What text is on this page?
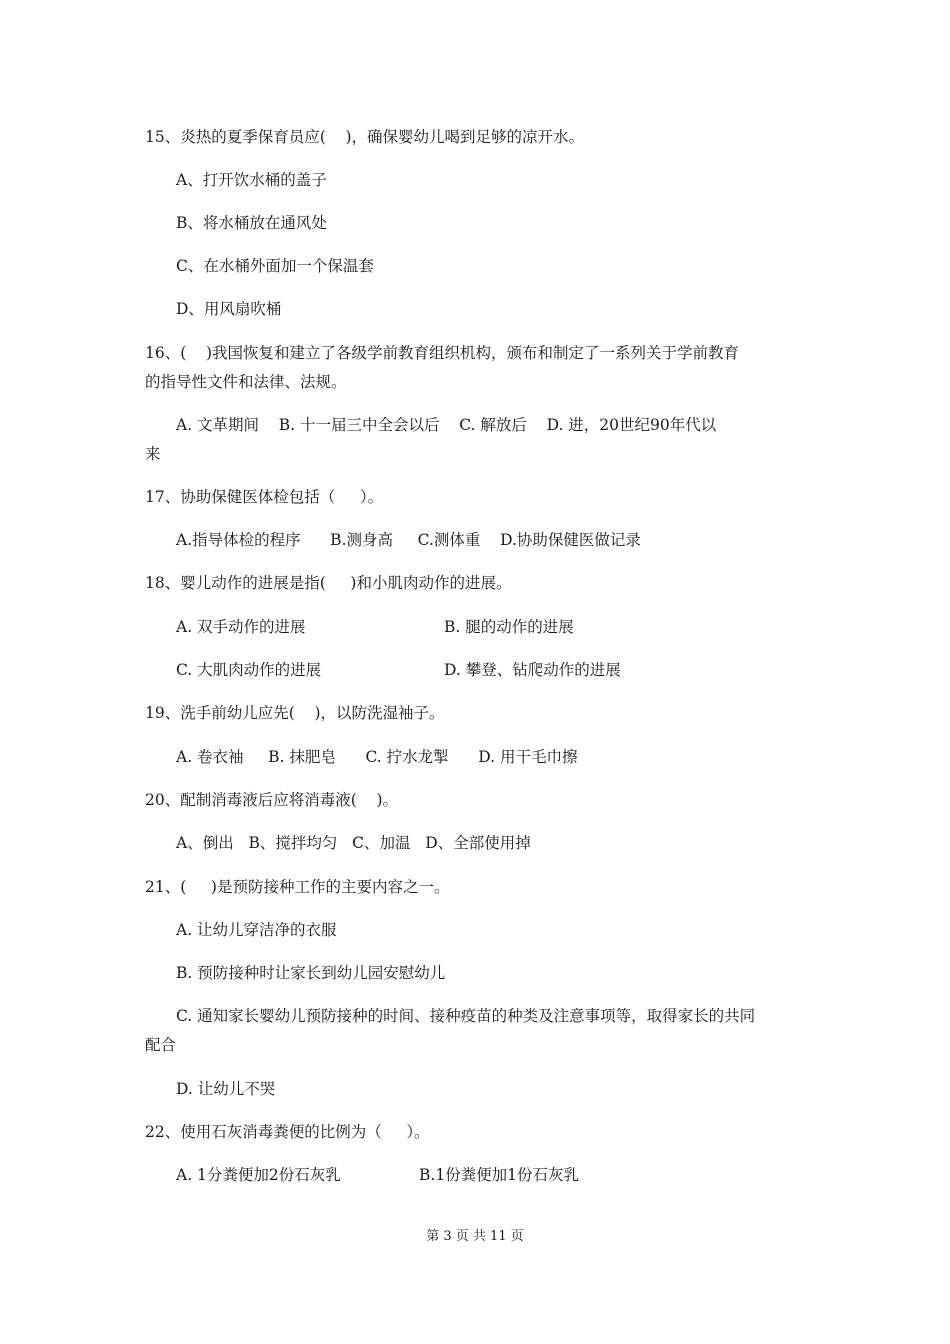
15、炎热的夏季保育员应(    )，确保婴幼儿喝到足够的凉开水。

A、打开饮水桶的盖子

B、将水桶放在通风处

C、在水桶外面加一个保温套

D、用风扇吹桶

16、(    )我国恢复和建立了各级学前教育组织机构，颁布和制定了一系列关于学前教育

的指导性文件和法律、法规。

A. 文革期间    B. 十一届三中全会以后    C. 解放后    D. 进，20世纪90年代以

来

17、协助保健医体检包括（     ）。

A.指导体检的程序      B.测身高     C.测体重    D.协助保健医做记录

18、婴儿动作的进展是指(     )和小肌肉动作的进展。

A. 双手动作的进展	B. 腿的动作的进展

C. 大肌肉动作的进展	D. 攀登、钻爬动作的进展

19、洗手前幼儿应先(    )，以防洗湿袖子。

A. 卷衣袖     B. 抹肥皂      C. 拧水龙掣      D. 用干毛巾擦

20、配制消毒液后应将消毒液(    )。

A、倒出   B、搅拌均匀   C、加温   D、全部使用掉

21、(     )是预防接种工作的主要内容之一。

A. 让幼儿穿洁净的衣服

B. 预防接种时让家长到幼儿园安慰幼儿

C. 通知家长婴幼儿预防接种的时间、接种疫苗的种类及注意事项等，取得家长的共同

配合

D. 让幼儿不哭

22、使用石灰消毒粪便的比例为（     ）。

A. 1分粪便加2份石灰乳	B.1份粪便加1份石灰乳

第 3 页 共 11 页
